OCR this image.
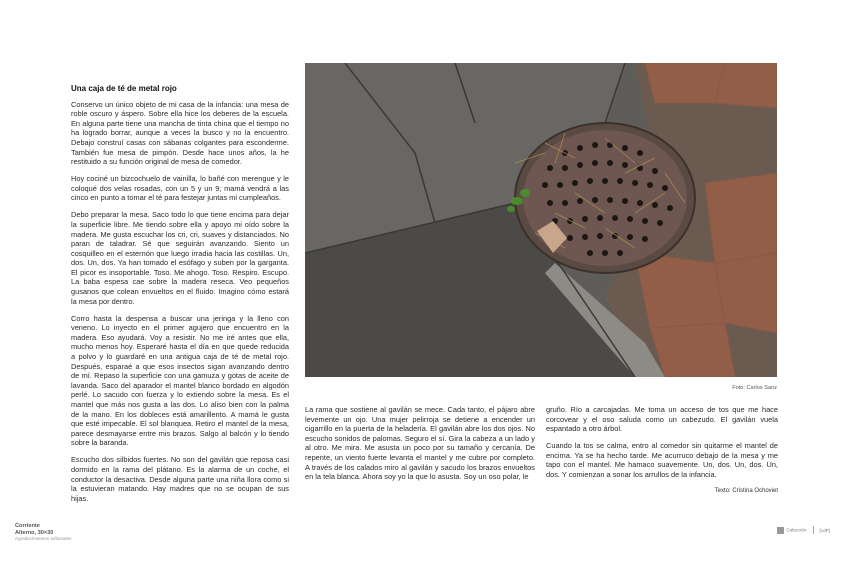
Una caja de té de metal rojo

Conservo un único objeto de mi casa de la infancia: una mesa de roble oscuro y áspero. Sobre ella hice los deberes de la escuela. En alguna parte tiene una mancha de tinta china que el tiempo no ha logrado borrar, aunque a veces la busco y no la encuentro. Debajo construí casas con sábanas colgantes para esconderme. También fue mesa de pimpón. Desde hace unos años, la he restituido a su función original de mesa de comedor.

Hoy cociné un bizcochuelo de vainilla, lo bañé con merengue y le coloqué dos velas rosadas, con un 5 y un 9; mamá vendrá a las cinco en punto a tomar el té para festejar juntas mi cumpleaños.

Debo preparar la mesa. Saco todo lo que tiene encima para dejar la superficie libre. Me tiendo sobre ella y apoyo mi oído sobre la madera. Me gusta escuchar los cri, cri, suaves y distanciados. No paran de taladrar. Sé que seguirán avanzando. Siento un cosquilleo en el esternón que luego irradia hacia las costillas. Un, dos. Un, dos. Ya han tomado el esófago y suben por la garganta. El picor es insoportable. Toso. Me ahogo. Toso. Respiro. Escupo. La baba espesa cae sobre la madera reseca. Veo pequeños gusanos que colean envueltos en el fluido. Imagino cómo estará la mesa por dentro.

Corro hasta la despensa a buscar una jeringa y la lleno con veneno. Lo inyecto en el primer agujero que encuentro en la madera. Eso ayudará. Voy a resistir. No me iré antes que ella, mucho menos hoy. Esperaré hasta el día en que quede reducida a polvo y lo guardaré en una antigua caja de té de metal rojo. Después, esparaé a que esos insectos sigan avanzando dentro de mí. Repaso la superficie con una gamuza y gotas de aceite de lavanda. Saco del aparador el mantel blanco bordado en algodón perlé. Lo sacudo con fuerza y lo extiendo sobre la mesa. Es el mantel que más nos gusta a las dos. Lo aliso bien con la palma de la mano. En los dobleces está amarillento. A mamá le gusta que esté impecable. El sol blanquea. Retiro el mantel de la mesa, parece desmayarse entre mis brazos. Salgo al balcón y lo tiendo sobre la baranda.

Escucho dos silbidos fuertes. No son del gavilán que reposa casi dormido en la rama del plátano. Es la alarma de un coche, el conductor la desactiva. Desde alguna parte una niña llora como si la estuvieran matando. Hay madres que no se ocupan de sus hijas.

Foto: Carlos Sanz

La rama que sostiene al gavilán se mece. Cada tanto, el pájaro abre levemente un ojo. Una mujer pelirroja se detiene a encender un cigarrillo en la puerta de la heladería. El gavilán abre los dos ojos. No escucho sonidos de palomas. Seguro el sí. Gira la cabeza a un lado y al otro. Me mira. Me asusta un poco por su tamaño y cercanía. De repente, un viento fuerte levanta el mantel y me cubre por completo. A través de los calados miro al gavilán y sacudo los brazos envueltos en la tela blanca. Ahora soy yo la que lo asusta. Soy un oso polar, le

gruño. Río a carcajadas. Me toma un acceso de tos que me hace corcovear y el oso saluda como un cabezudo. El gavilán vuela espantado a otro árbol.

Cuando la tos se calma, entro al comedor sin quitarme el mantel de encima. Ya se ha hecho tarde. Me acurruco debajo de la mesa y me tapo con el mantel. Me hamaco suavemente. Un, dos. Un, dos. Un, dos. Y comienzan a sonar los arrullos de la infancia.

Texto: Cristina Ochoviet
Corriente
Alterno, 30×30
Agradecimientos editoriales
Colección	[cdP]
